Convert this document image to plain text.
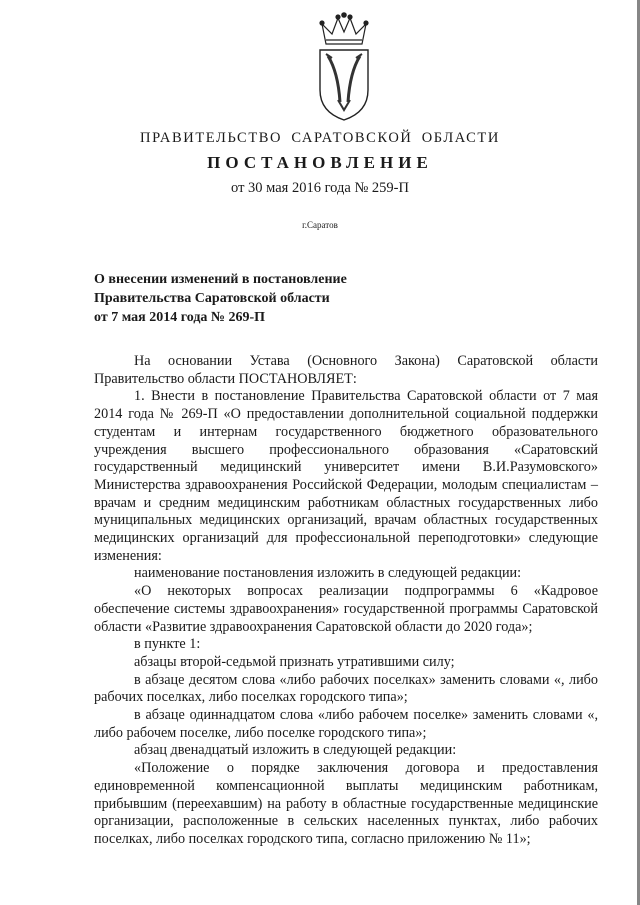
ПРАВИТЕЛЬСТВО САРАТОВСКОЙ ОБЛАСТИ
ПОСТАНОВЛЕНИЕ
от 30 мая 2016 года № 259-П
г.Саратов
О внесении изменений в постановление
Правительства Саратовской области
от 7 мая 2014 года № 269-П

На основании Устава (Основного Закона) Саратовской области Правительство области ПОСТАНОВЛЯЕТ:

1. Внести в постановление Правительства Саратовской области от 7 мая 2014 года № 269-П «О предоставлении дополнительной социальной поддержки студентам и интернам государственного бюджетного образовательного учреждения высшего профессионального образования «Саратовский государственный медицинский университет имени В.И.Разумовского» Министерства здравоохранения Российской Федерации, молодым специалистам – врачам и средним медицинским работникам областных государственных либо муниципальных медицинских организаций, врачам областных государственных медицинских организаций для профессиональной переподготовки» следующие изменения:

наименование постановления изложить в следующей редакции:

«О некоторых вопросах реализации подпрограммы 6 «Кадровое обеспечение системы здравоохранения» государственной программы Саратовской области «Развитие здравоохранения Саратовской области до 2020 года»;

в пункте 1:

абзацы второй-седьмой признать утратившими силу;

в абзаце десятом слова «либо рабочих поселках» заменить словами «, либо рабочих поселках, либо поселках городского типа»;

в абзаце одиннадцатом слова «либо рабочем поселке» заменить словами «, либо рабочем поселке, либо поселке городского типа»;

абзац двенадцатый изложить в следующей редакции:

«Положение о порядке заключения договора и предоставления единовременной компенсационной выплаты медицинским работникам, прибывшим (переехавшим) на работу в областные государственные медицинские организации, расположенные в сельских населенных пунктах, либо рабочих поселках, либо поселках городского типа, согласно приложению № 11»;
